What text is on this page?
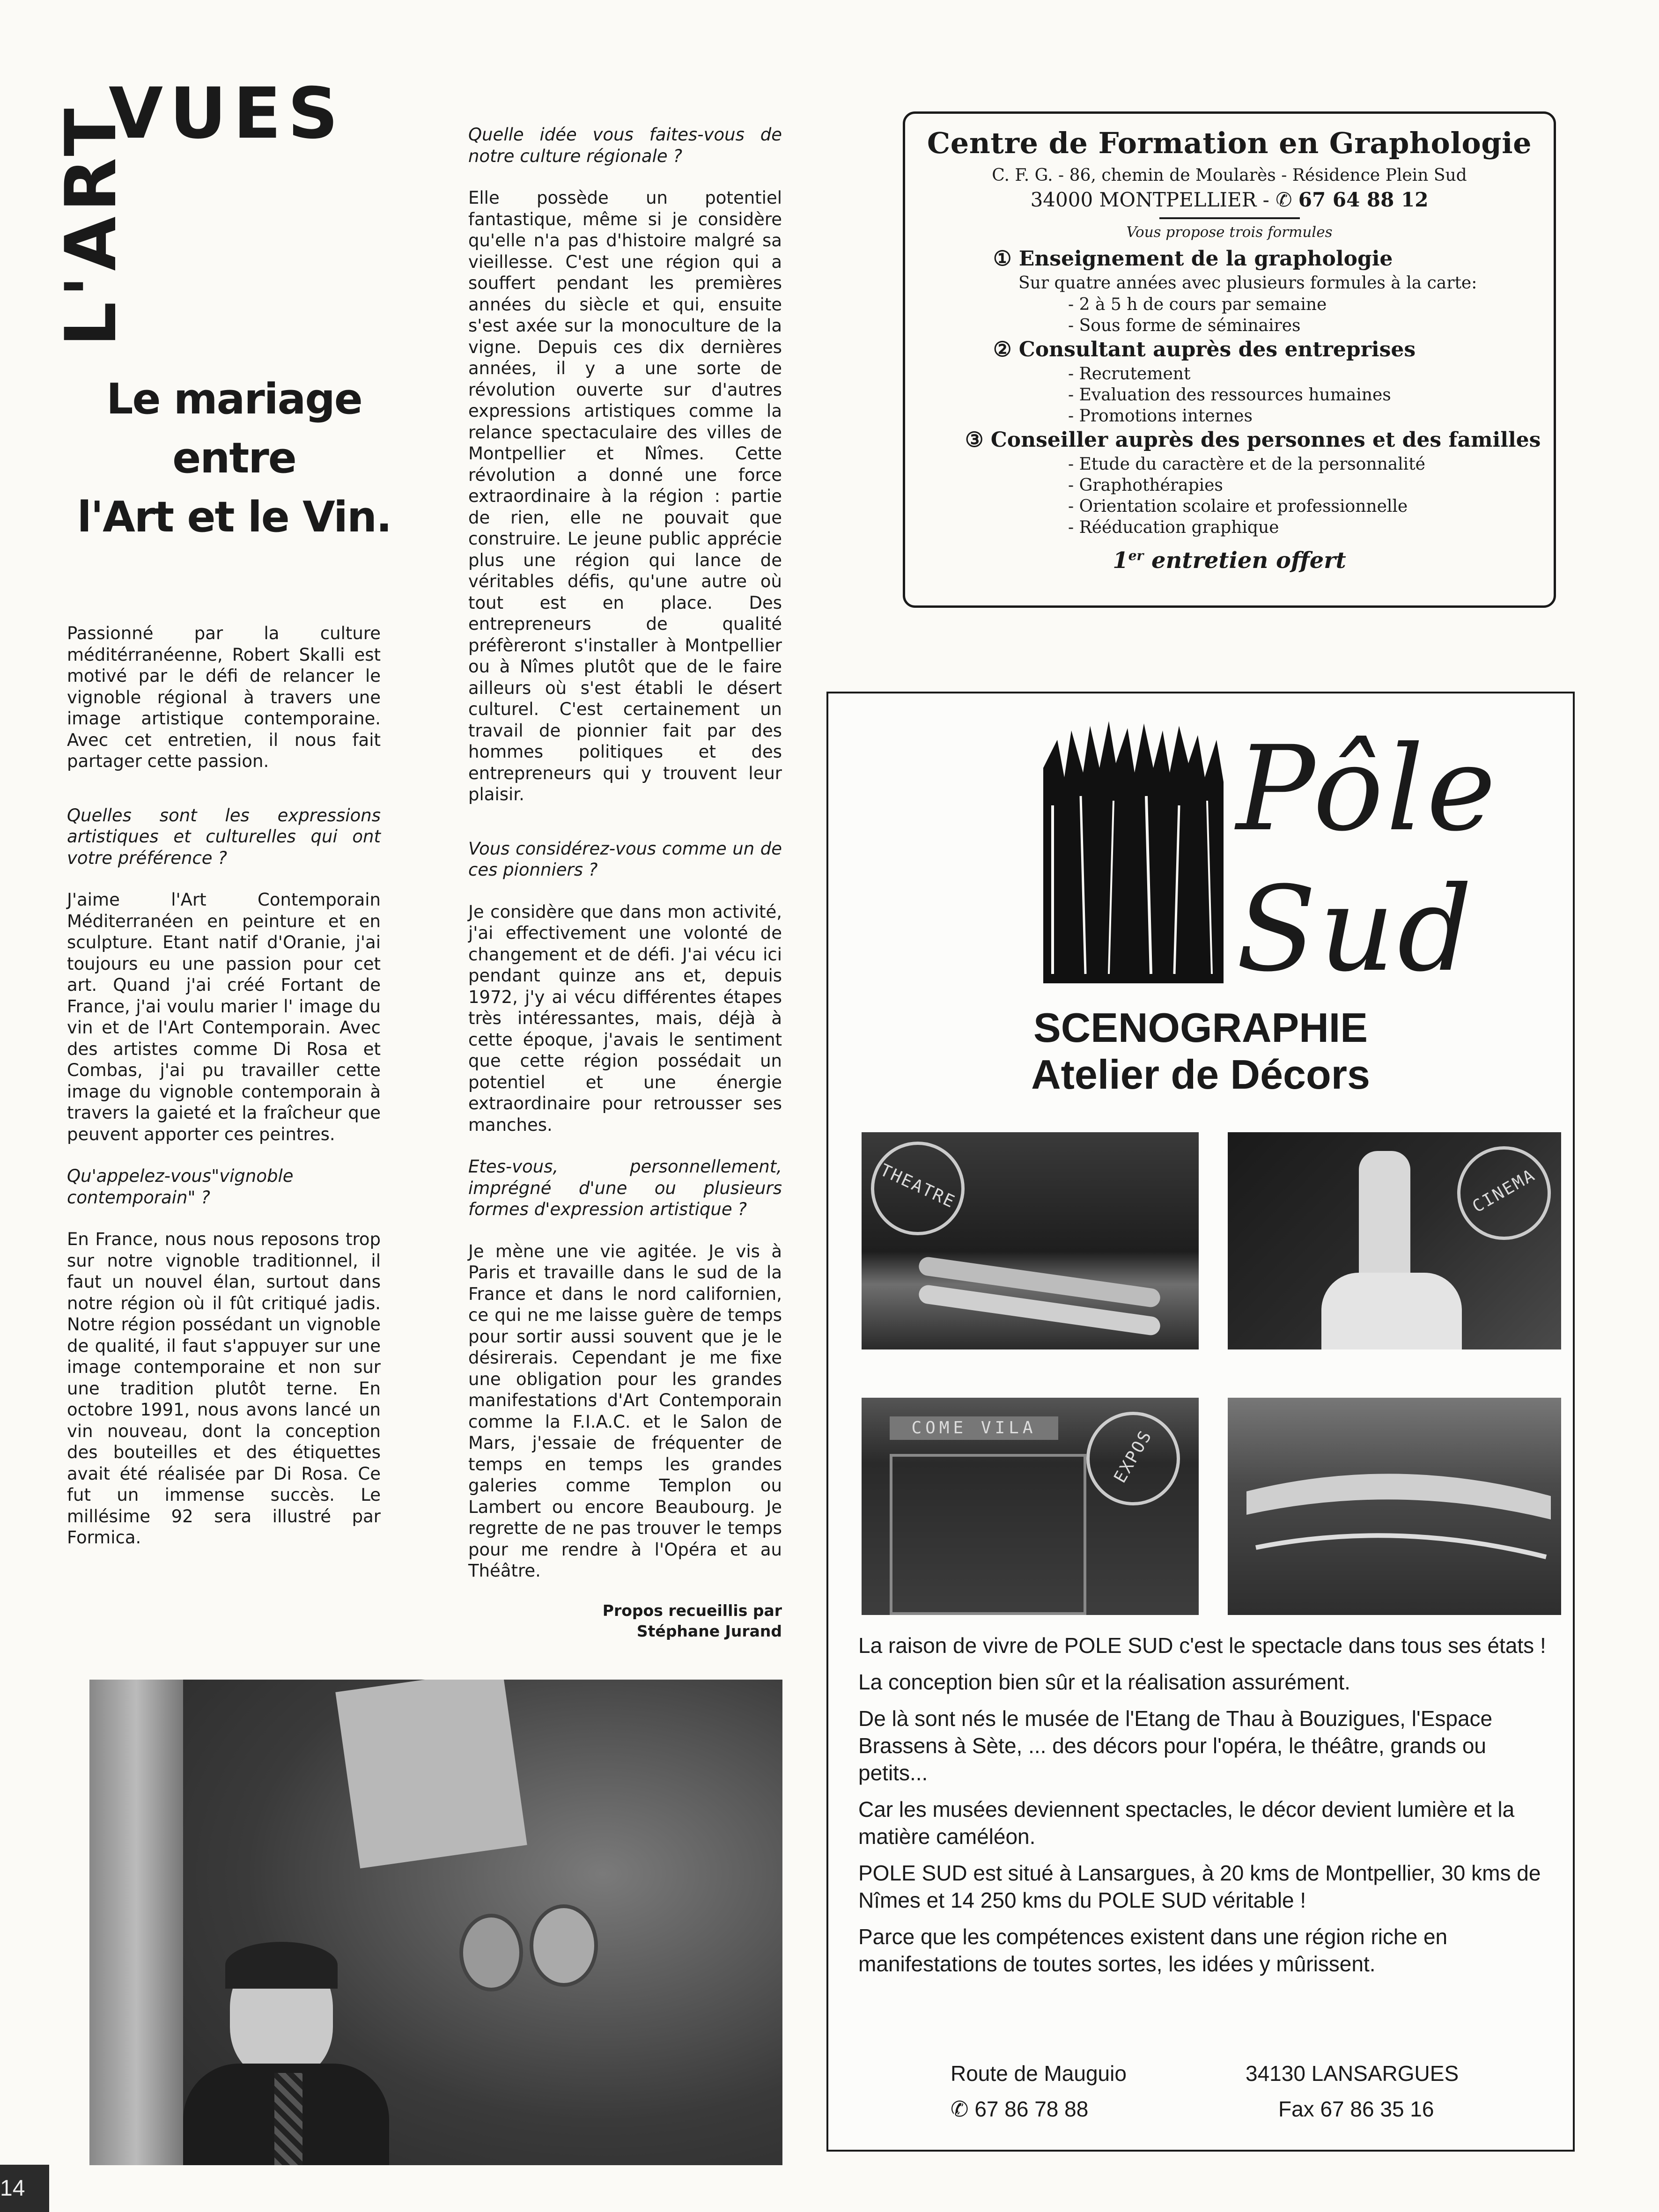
VUES
L'ART
Le mariage
entre
l'Art et le Vin.

Passionné par la culture méditérranéenne, Robert Skalli est motivé par le défi de relancer le vignoble régional à travers une image artistique contemporaine. Avec cet entretien, il nous fait partager cette passion.

Quelles sont les expressions artistiques et culturelles qui ont votre préférence ?

J'aime l'Art Contemporain Méditerranéen en peinture et en sculpture. Etant natif d'Oranie, j'ai toujours eu une passion pour cet art. Quand j'ai créé Fortant de France, j'ai voulu marier l' image du vin et de l'Art Contemporain. Avec des artistes comme Di Rosa et Combas, j'ai pu travailler cette image du vignoble contemporain à travers la gaieté et la fraîcheur que peuvent apporter ces peintres.

Qu'appelez-vous"vignoble contemporain" ?

En France, nous nous reposons trop sur notre vignoble traditionnel, il faut un nouvel élan, surtout dans notre région où il fût critiqué jadis. Notre région possédant un vignoble de qualité, il faut s'appuyer sur une image contemporaine et non sur une tradition plutôt terne. En octobre 1991, nous avons lancé un vin nouveau, dont la conception des bouteilles et des étiquettes avait été réalisée par Di Rosa. Ce fut un immense succès. Le millésime 92 sera illustré par Formica.

Quelle idée vous faites-vous de notre culture régionale ?

Elle possède un potentiel fantastique, même si je considère qu'elle n'a pas d'histoire malgré sa vieillesse. C'est une région qui a souffert pendant les premières années du siècle et qui, ensuite s'est axée sur la monoculture de la vigne. Depuis ces dix dernières années, il y a une sorte de révolution ouverte sur d'autres expressions artistiques comme la relance spectaculaire des villes de Montpellier et Nîmes. Cette révolution a donné une force extraordinaire à la région : partie de rien, elle ne pouvait que construire. Le jeune public apprécie plus une région qui lance de véritables défis, qu'une autre où tout est en place. Des entrepreneurs de qualité préfèreront s'installer à Montpellier ou à Nîmes plutôt que de le faire ailleurs où s'est établi le désert culturel. C'est certainement un travail de pionnier fait par des hommes politiques et des entrepreneurs qui y trouvent leur plaisir.

Vous considérez-vous comme un de ces pionniers ?

Je considère que dans mon activité, j'ai effectivement une volonté de changement et de défi. J'ai vécu ici pendant quinze ans et, depuis 1972, j'y ai vécu différentes étapes très intéressantes, mais, déjà à cette époque, j'avais le sentiment que cette région possédait un potentiel et une énergie extraordinaire pour retrousser ses manches.

Etes-vous, personnellement, imprégné d'une ou plusieurs formes d'expression artistique ?

Je mène une vie agitée. Je vis à Paris et travaille dans le sud de la France et dans le nord californien, ce qui ne me laisse guère de temps pour sortir aussi souvent que je le désirerais. Cependant je me fixe une obligation pour les grandes manifestations d'Art Contemporain comme la F.I.A.C. et le Salon de Mars, j'essaie de fréquenter de temps en temps les grandes galeries comme Templon ou Lambert ou encore Beaubourg. Je regrette de ne pas trouver le temps pour me rendre à l'Opéra et au Théâtre.

Propos recueillis par
Stéphane Jurand
Centre de Formation en Graphologie
C. F. G. - 86, chemin de Moularès - Résidence Plein Sud
34000 MONTPELLIER - ✆ 67 64 88 12
Vous propose trois formules
① Enseignement de la graphologie
Sur quatre années avec plusieurs formules à la carte:
- 2 à 5 h de cours par semaine
- Sous forme de séminaires
② Consultant auprès des entreprises
- Recrutement
- Evaluation des ressources humaines
- Promotions internes
③ Conseiller auprès des personnes et des familles
- Etude du caractère et de la personnalité
- Graphothérapies
- Orientation scolaire et professionnelle
- Rééducation graphique
1er entretien offert
Pôle
Sud
SCENOGRAPHIE
Atelier de Décors
THEATRE	CINEMA
COME VILA	EXPOS

La raison de vivre de POLE SUD c'est le spectacle dans tous ses états !

La conception bien sûr et la réalisation assurément.

De là sont nés le musée de l'Etang de Thau à Bouzigues, l'Espace Brassens à Sète, ... des décors pour l'opéra, le théâtre, grands ou petits...

Car les musées deviennent spectacles, le décor devient lumière et la matière caméléon.

POLE SUD est situé à Lansargues, à 20 kms de Montpellier, 30 kms de Nîmes et 14 250 kms du POLE SUD véritable !

Parce que les compétences existent dans une région riche en manifestations de toutes sortes, les idées y mûrissent.

Route de Mauguio
✆ 67 86 78 88
34130 LANSARGUES
Fax 67 86 35 16
14
